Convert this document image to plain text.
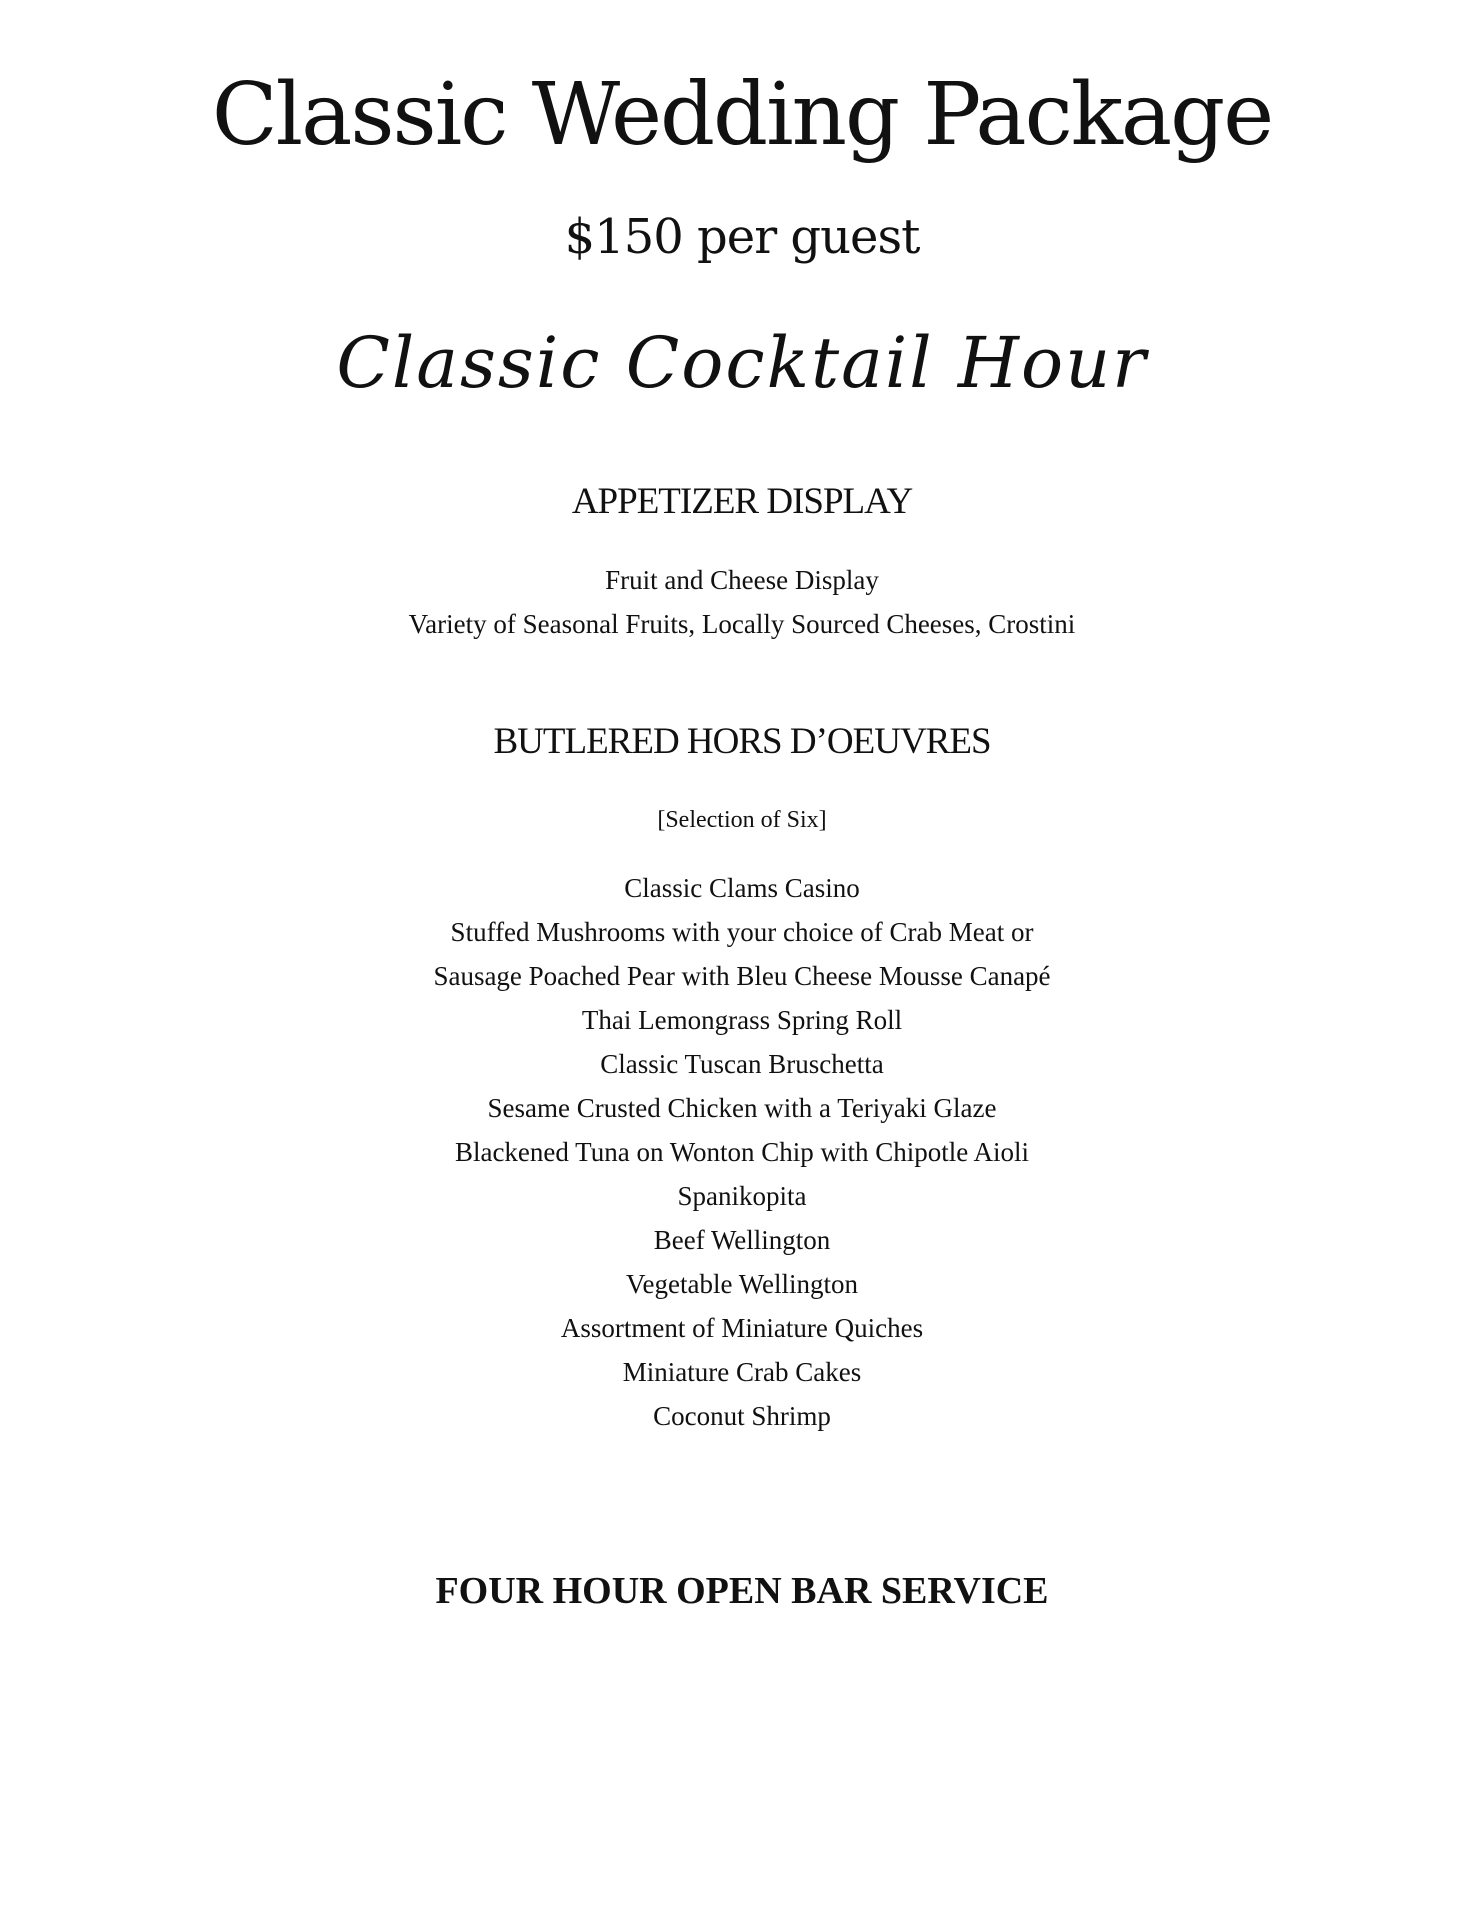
Classic Wedding Package
$150 per guest
Classic Cocktail Hour
APPETIZER DISPLAY
Fruit and Cheese Display
Variety of Seasonal Fruits, Locally Sourced Cheeses, Crostini
BUTLERED HORS D’OEUVRES
[Selection of Six]
Classic Clams Casino
Stuffed Mushrooms with your choice of Crab Meat or
Sausage Poached Pear with Bleu Cheese Mousse Canapé
Thai Lemongrass Spring Roll
Classic Tuscan Bruschetta
Sesame Crusted Chicken with a Teriyaki Glaze
Blackened Tuna on Wonton Chip with Chipotle Aioli
Spanikopita
Beef Wellington
Vegetable Wellington
Assortment of Miniature Quiches
Miniature Crab Cakes
Coconut Shrimp
FOUR HOUR OPEN BAR SERVICE
